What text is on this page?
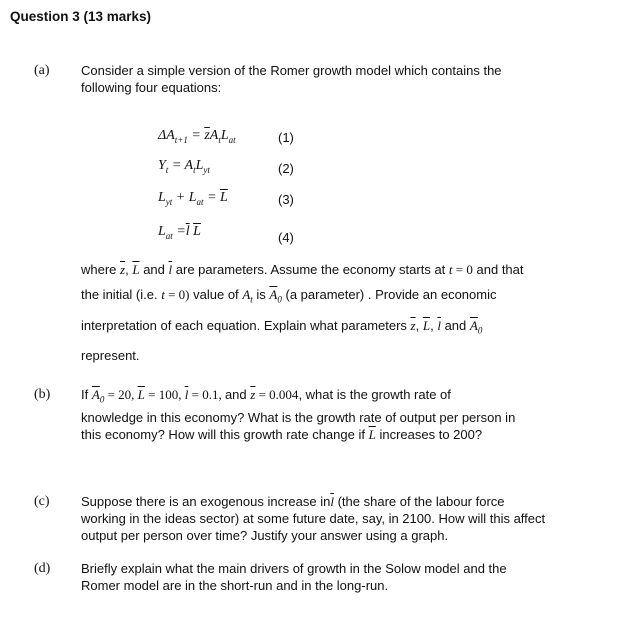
Question 3 (13 marks)
(a) Consider a simple version of the Romer growth model which contains the
following four equations:
$\Delta A_{t+1} = \overline{z}A_tL_{at}$	(1)
$Y_t = A_tL_{yt}$	(2)
$L_{yt} + L_{at} = \overline{L}$	(3)
$L_{at} =\overline{l}$ $\overline{L}$	(4)
where $\overline{z}$, $\overline{L}$ and $\overline{l}$ are parameters. Assume the economy starts at t = 0 and that
the initial (i.e. t = 0) value of $A_t$ is $\overline{A}_0$ (a parameter) . Provide an economic
interpretation of each equation. Explain what parameters $\overline{z}$, $\overline{L}$, $\overline{l}$ and $\overline{A}_0$
represent.
(b) If $\overline{A}_0 = 20$, $\overline{L} = 100$, $\overline{l} = 0.1$, and $\overline{z} = 0.004$, what is the growth rate of
knowledge in this economy? What is the growth rate of output per person in
this economy? How will this growth rate change if $\overline{L}$ increases to 200?
(c) Suppose there is an exogenous increase $in\overline{l}$ (the share of the labour force
working in the ideas sector) at some future date, say, in 2100. How will this affect
output per person over time? Justify your answer using a graph.
(d) Briefly explain what the main drivers of growth in the Solow model and the
Romer model are in the short-run and in the long-run.
